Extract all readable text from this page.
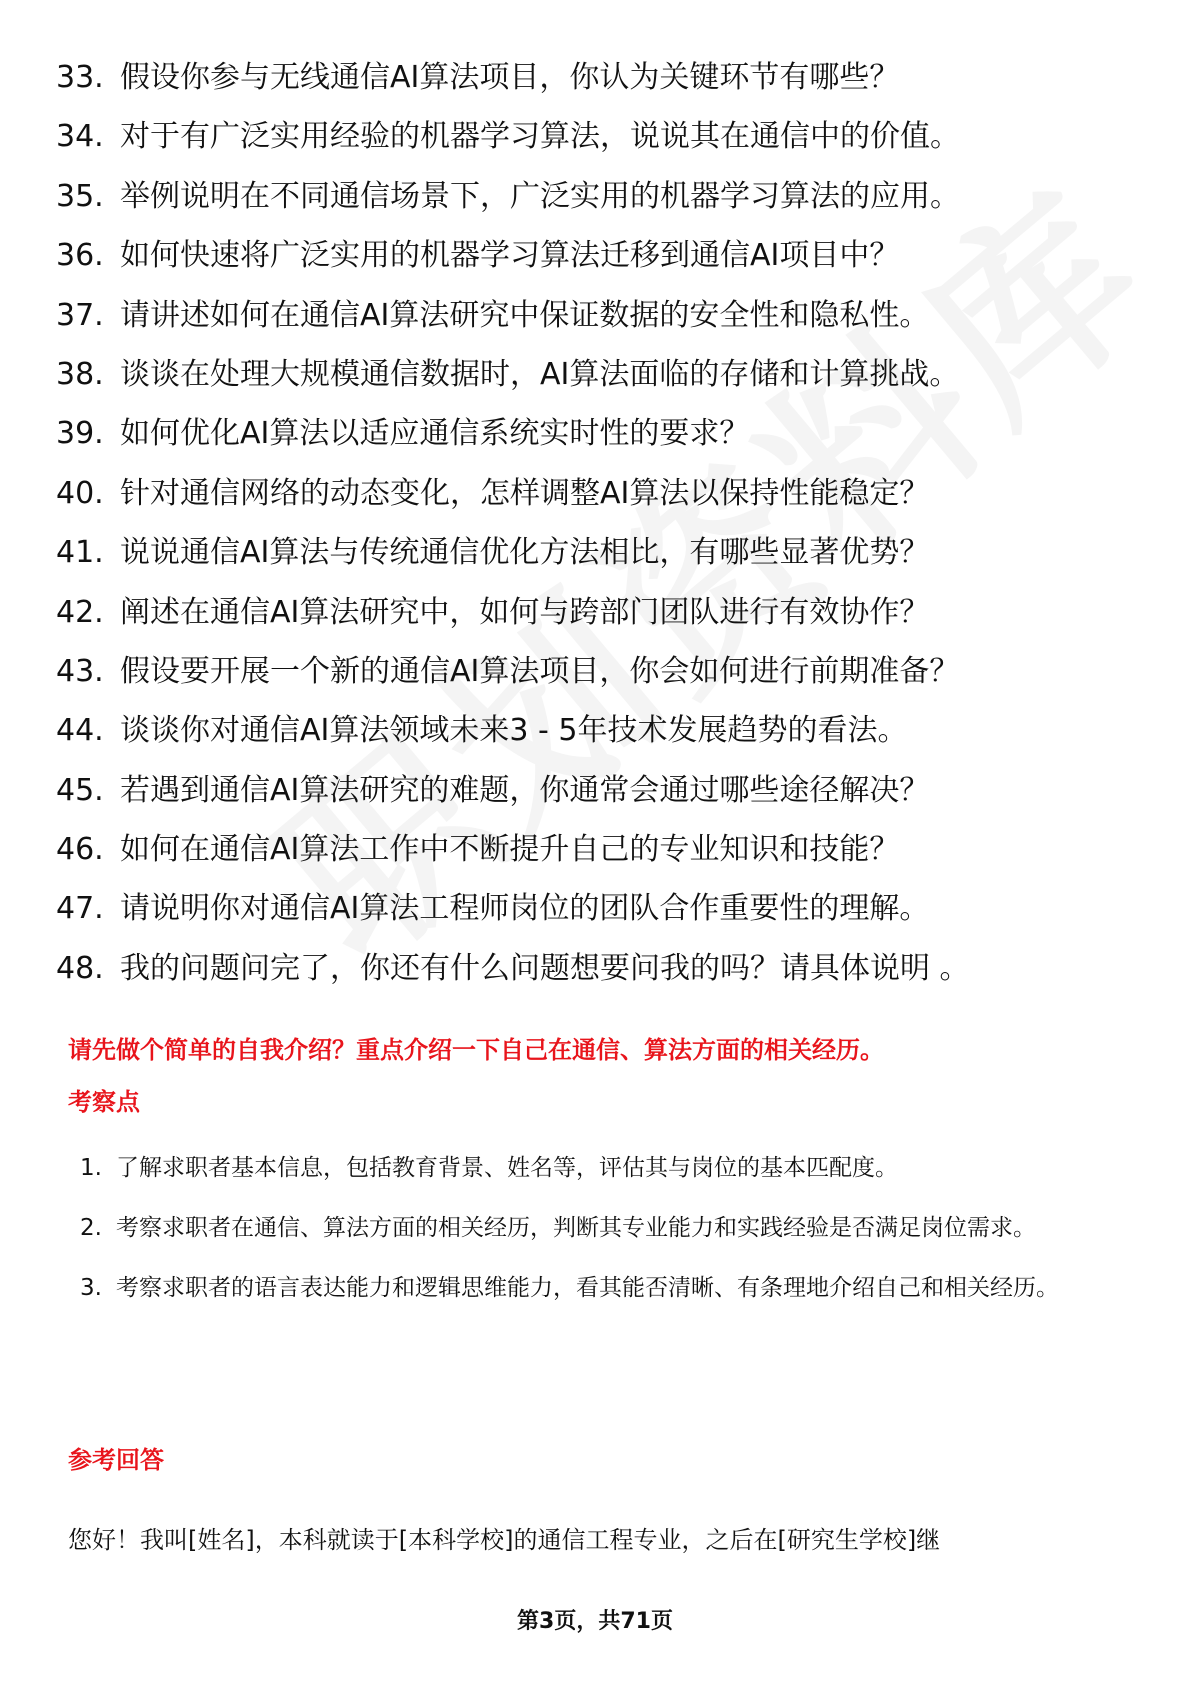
33. 假设你参与无线通信AI算法项目，你认为关键环节有哪些？
34. 对于有广泛实用经验的机器学习算法，说说其在通信中的价值。
35. 举例说明在不同通信场景下，广泛实用的机器学习算法的应用。
36. 如何快速将广泛实用的机器学习算法迁移到通信AI项目中？
37. 请讲述如何在通信AI算法研究中保证数据的安全性和隐私性。
38. 谈谈在处理大规模通信数据时，AI算法面临的存储和计算挑战。
39. 如何优化AI算法以适应通信系统实时性的要求？
40. 针对通信网络的动态变化，怎样调整AI算法以保持性能稳定？
41. 说说通信AI算法与传统通信优化方法相比，有哪些显著优势？
42. 阐述在通信AI算法研究中，如何与跨部门团队进行有效协作？
43. 假设要开展一个新的通信AI算法项目，你会如何进行前期准备？
44. 谈谈你对通信AI算法领域未来3 - 5年技术发展趋势的看法。
45. 若遇到通信AI算法研究的难题，你通常会通过哪些途径解决？
46. 如何在通信AI算法工作中不断提升自己的专业知识和技能？
47. 请说明你对通信AI算法工程师岗位的团队合作重要性的理解。
48. 我的问题问完了，你还有什么问题想要问我的吗？请具体说明 。
请先做个简单的自我介绍？重点介绍一下自己在通信、算法方面的相关经历。
考察点
1. 了解求职者基本信息，包括教育背景、姓名等，评估其与岗位的基本匹配度。
2. 考察求职者在通信、算法方面的相关经历，判断其专业能力和实践经验是否满足岗位需求。
3. 考察求职者的语言表达能力和逻辑思维能力，看其能否清晰、有条理地介绍自己和相关经历。
参考回答

您好！我叫[姓名]，本科就读于[本科学校]的通信工程专业，之后在[研究生学校]继

第3页，共71页
